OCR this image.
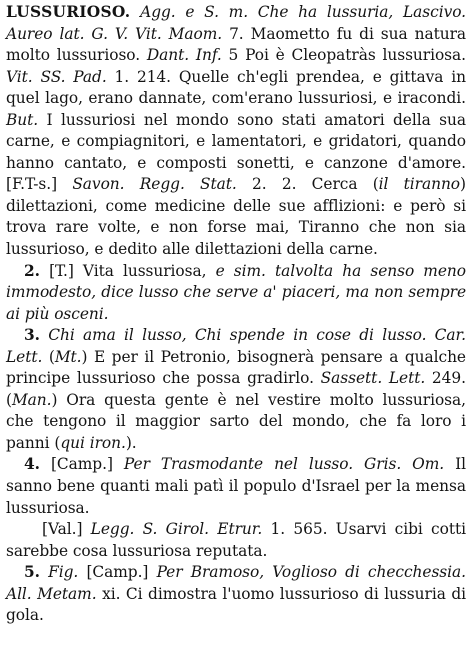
LUSSURIOSO. Agg. e S. m. Che ha lussuria, Lascivo. Aureo lat. G. V. Vit. Maom. 7. Maometto fu di sua natura molto lussurioso. Dant. Inf. 5 Poi è Cleopatràs lussuriosa. Vit. SS. Pad. 1. 214. Quelle ch'egli prendea, e gittava in quel lago, erano dannate, com'erano lussuriosi, e iracondi. But. I lussuriosi nel mondo sono stati amatori della sua carne, e compiagnitori, e lamentatori, e gridatori, quando hanno cantato, e composti sonetti, e canzone d'amore. [F.T-s.] Savon. Regg. Stat. 2. 2. Cerca (il tiranno) dilettazioni, come medicine delle sue afflizioni: e però si trova rare volte, e non forse mai, Tiranno che non sia lussurioso, e dedito alle dilettazioni della carne.

2. [T.] Vita lussuriosa, e sim. talvolta ha senso meno immodesto, dice lusso che serve a' piaceri, ma non sempre ai più osceni.

3. Chi ama il lusso, Chi spende in cose di lusso. Car. Lett. (Mt.) E per il Petronio, bisognerà pensare a qualche principe lussurioso che possa gradirlo. Sassett. Lett. 249. (Man.) Ora questa gente è nel vestire molto lussuriosa, che tengono il maggior sarto del mondo, che fa loro i panni (qui iron.).

4. [Camp.] Per Trasmodante nel lusso. Gris. Om. Il sanno bene quanti mali patì il populo d'Israel per la mensa lussuriosa.

[Val.] Legg. S. Girol. Etrur. 1. 565. Usarvi cibi cotti sarebbe cosa lussuriosa reputata.

5. Fig. [Camp.] Per Bramoso, Voglioso di checchessia. All. Metam. xi. Ci dimostra l'uomo lussurioso di lussuria di gola.
